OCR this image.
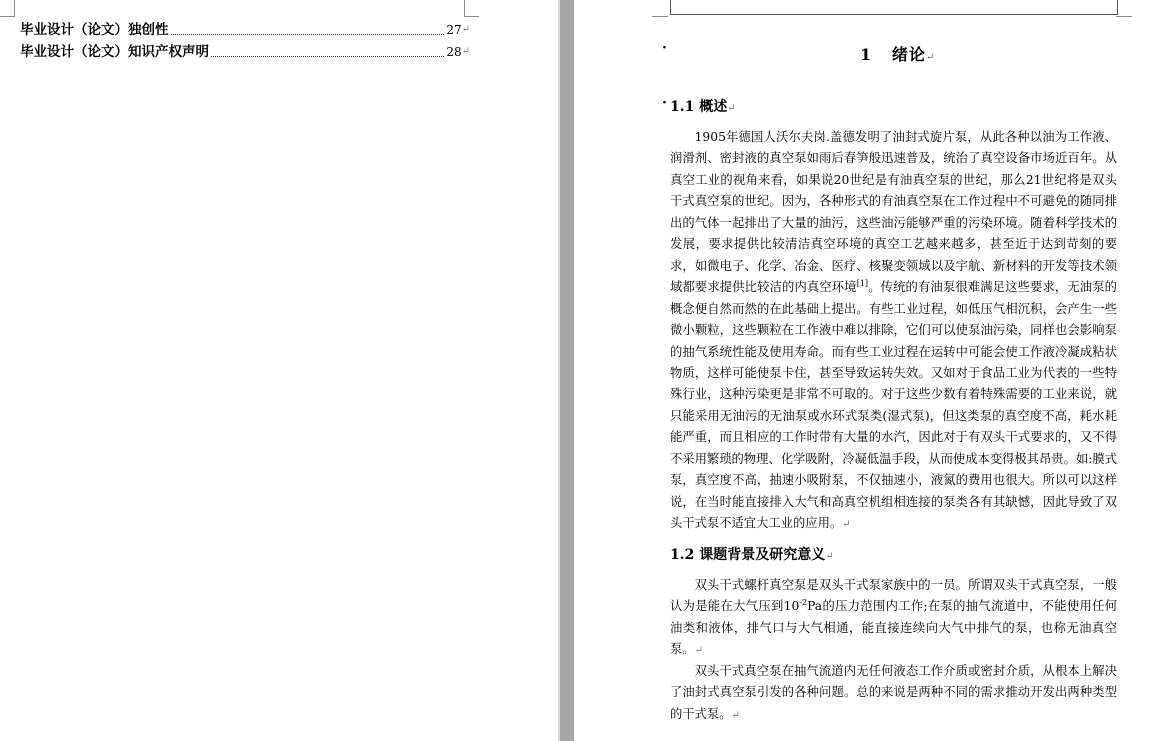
毕业设计（论文）独创性	27 ↵
毕业设计（论文）知识产权声明	28 ↵	·	1 绪论↵
· 1.1 概述↵

1905年德国人沃尔夫岗.盖德发明了油封式旋片泵，从此各种以油为工作液、润滑剂、密封液的真空泵如雨后春笋般迅速普及，统治了真空设备市场近百年。从真空工业的视角来看，如果说20世纪是有油真空泵的世纪，那么21世纪将是双头干式真空泵的世纪。因为，各种形式的有油真空泵在工作过程中不可避免的随同排出的气体一起排出了大量的油污，这些油污能够严重的污染环境。随着科学技术的发展，要求提供比较清洁真空环境的真空工艺越来越多，甚至近于达到苛刻的要求，如微电子、化学、冶金、医疗、核聚变领域以及宇航、新材料的开发等技术领域都要求提供比较洁的内真空环境[1]。传统的有油泵很难满足这些要求，无油泵的概念便自然而然的在此基础上提出。有些工业过程，如低压气相沉积，会产生一些微小颗粒，这些颗粒在工作液中难以排除，它们可以使泵油污染，同样也会影响泵的抽气系统性能及使用寿命。而有些工业过程在运转中可能会使工作液冷凝成粘状物质，这样可能使泵卡住，甚至导致运转失效。又如对于食品工业为代表的一些特殊行业，这种污染更是非常不可取的。对于这些少数有着特殊需要的工业来说，就只能采用无油污的无油泵或水环式泵类(湿式泵)，但这类泵的真空度不高，耗水耗能严重，而且相应的工作时带有大量的水汽，因此对于有双头干式要求的，又不得不采用繁琐的物理、化学吸附，冷凝低温手段，从而使成本变得极其昂贵。如:膜式泵，真空度不高，抽速小吸附泵，不仅抽速小，液氮的费用也很大。所以可以这样说，在当时能直接排入大气和高真空机组相连接的泵类各有其缺憾，因此导致了双头干式泵不适宜大工业的应用。↵

1.2 课题背景及研究意义↵

双头干式螺杆真空泵是双头干式泵家族中的一员。所谓双头干式真空泵，一般认为是能在大气压到$10^{-2}Pa$的压力范围内工作;在泵的抽气流道中，不能使用任何油类和液体，排气口与大气相通，能直接连续向大气中排气的泵，也称无油真空泵。↵

双头干式真空泵在抽气流道内无任何液态工作介质或密封介质，从根本上解决了油封式真空泵引发的各种问题。总的来说是两种不同的需求推动开发出两种类型的干式泵。↵
